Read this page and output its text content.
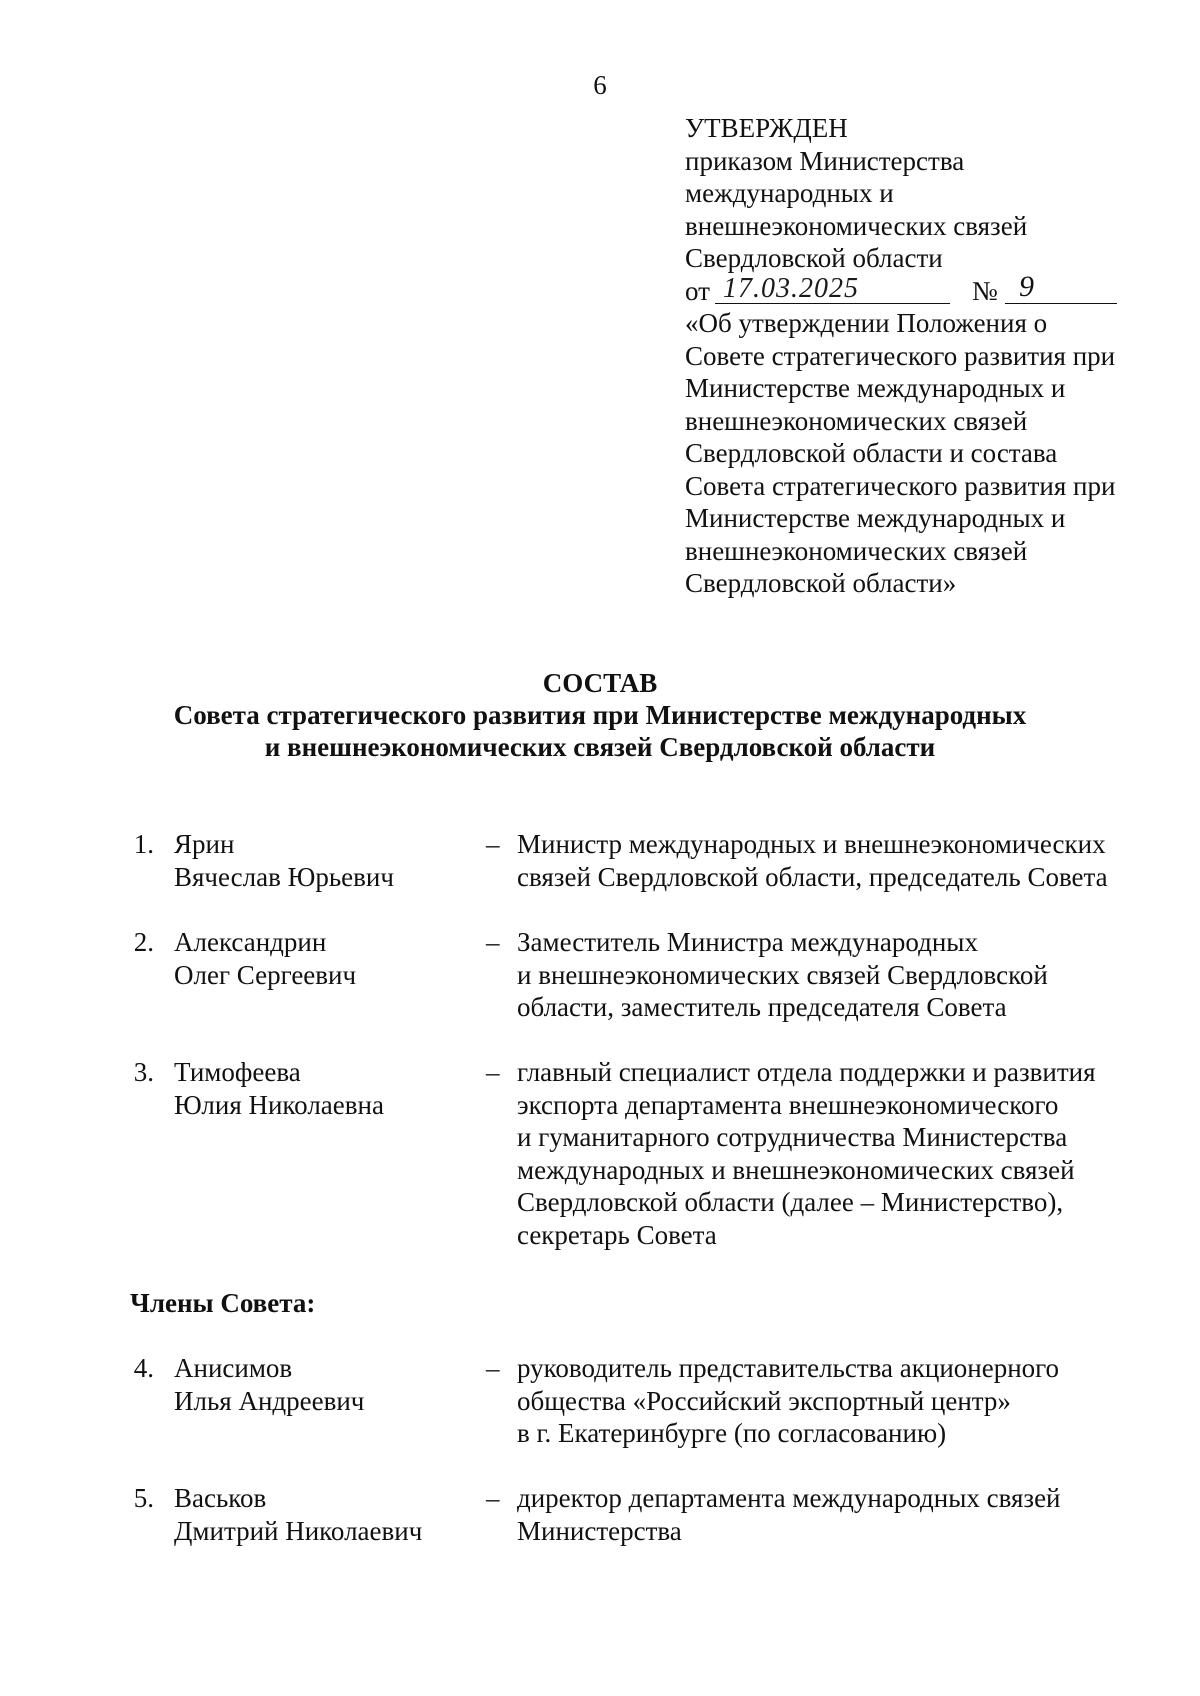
6
УТВЕРЖДЕН
приказом Министерства
международных и
внешнеэкономических связей
Свердловской области
от 17.03.2025	№ 9
«Об утверждении Положения о
Совете стратегического развития при
Министерстве международных и
внешнеэкономических связей
Свердловской области и состава
Совета стратегического развития при
Министерстве международных и
внешнеэкономических связей
Свердловской области»
СОСТАВ
Совета стратегического развития при Министерстве международных
и внешнеэкономических связей Свердловской области
1. Ярин
Вячеслав Юрьевич
– Министр международных и внешнеэкономических
связей Свердловской области, председатель Совета
2. Александрин
Олег Сергеевич
– Заместитель Министра международных
и внешнеэкономических связей Свердловской
области, заместитель председателя Совета
3. Тимофеева
Юлия Николаевна
– главный специалист отдела поддержки и развития
экспорта департамента внешнеэкономического
и гуманитарного сотрудничества Министерства
международных и внешнеэкономических связей
Свердловской области (далее – Министерство),
секретарь Совета
Члены Совета:
4. Анисимов
Илья Андреевич
– руководитель представительства акционерного
общества «Российский экспортный центр»
в г. Екатеринбурге (по согласованию)
5. Васьков
Дмитрий Николаевич
– директор департамента международных связей
Министерства
